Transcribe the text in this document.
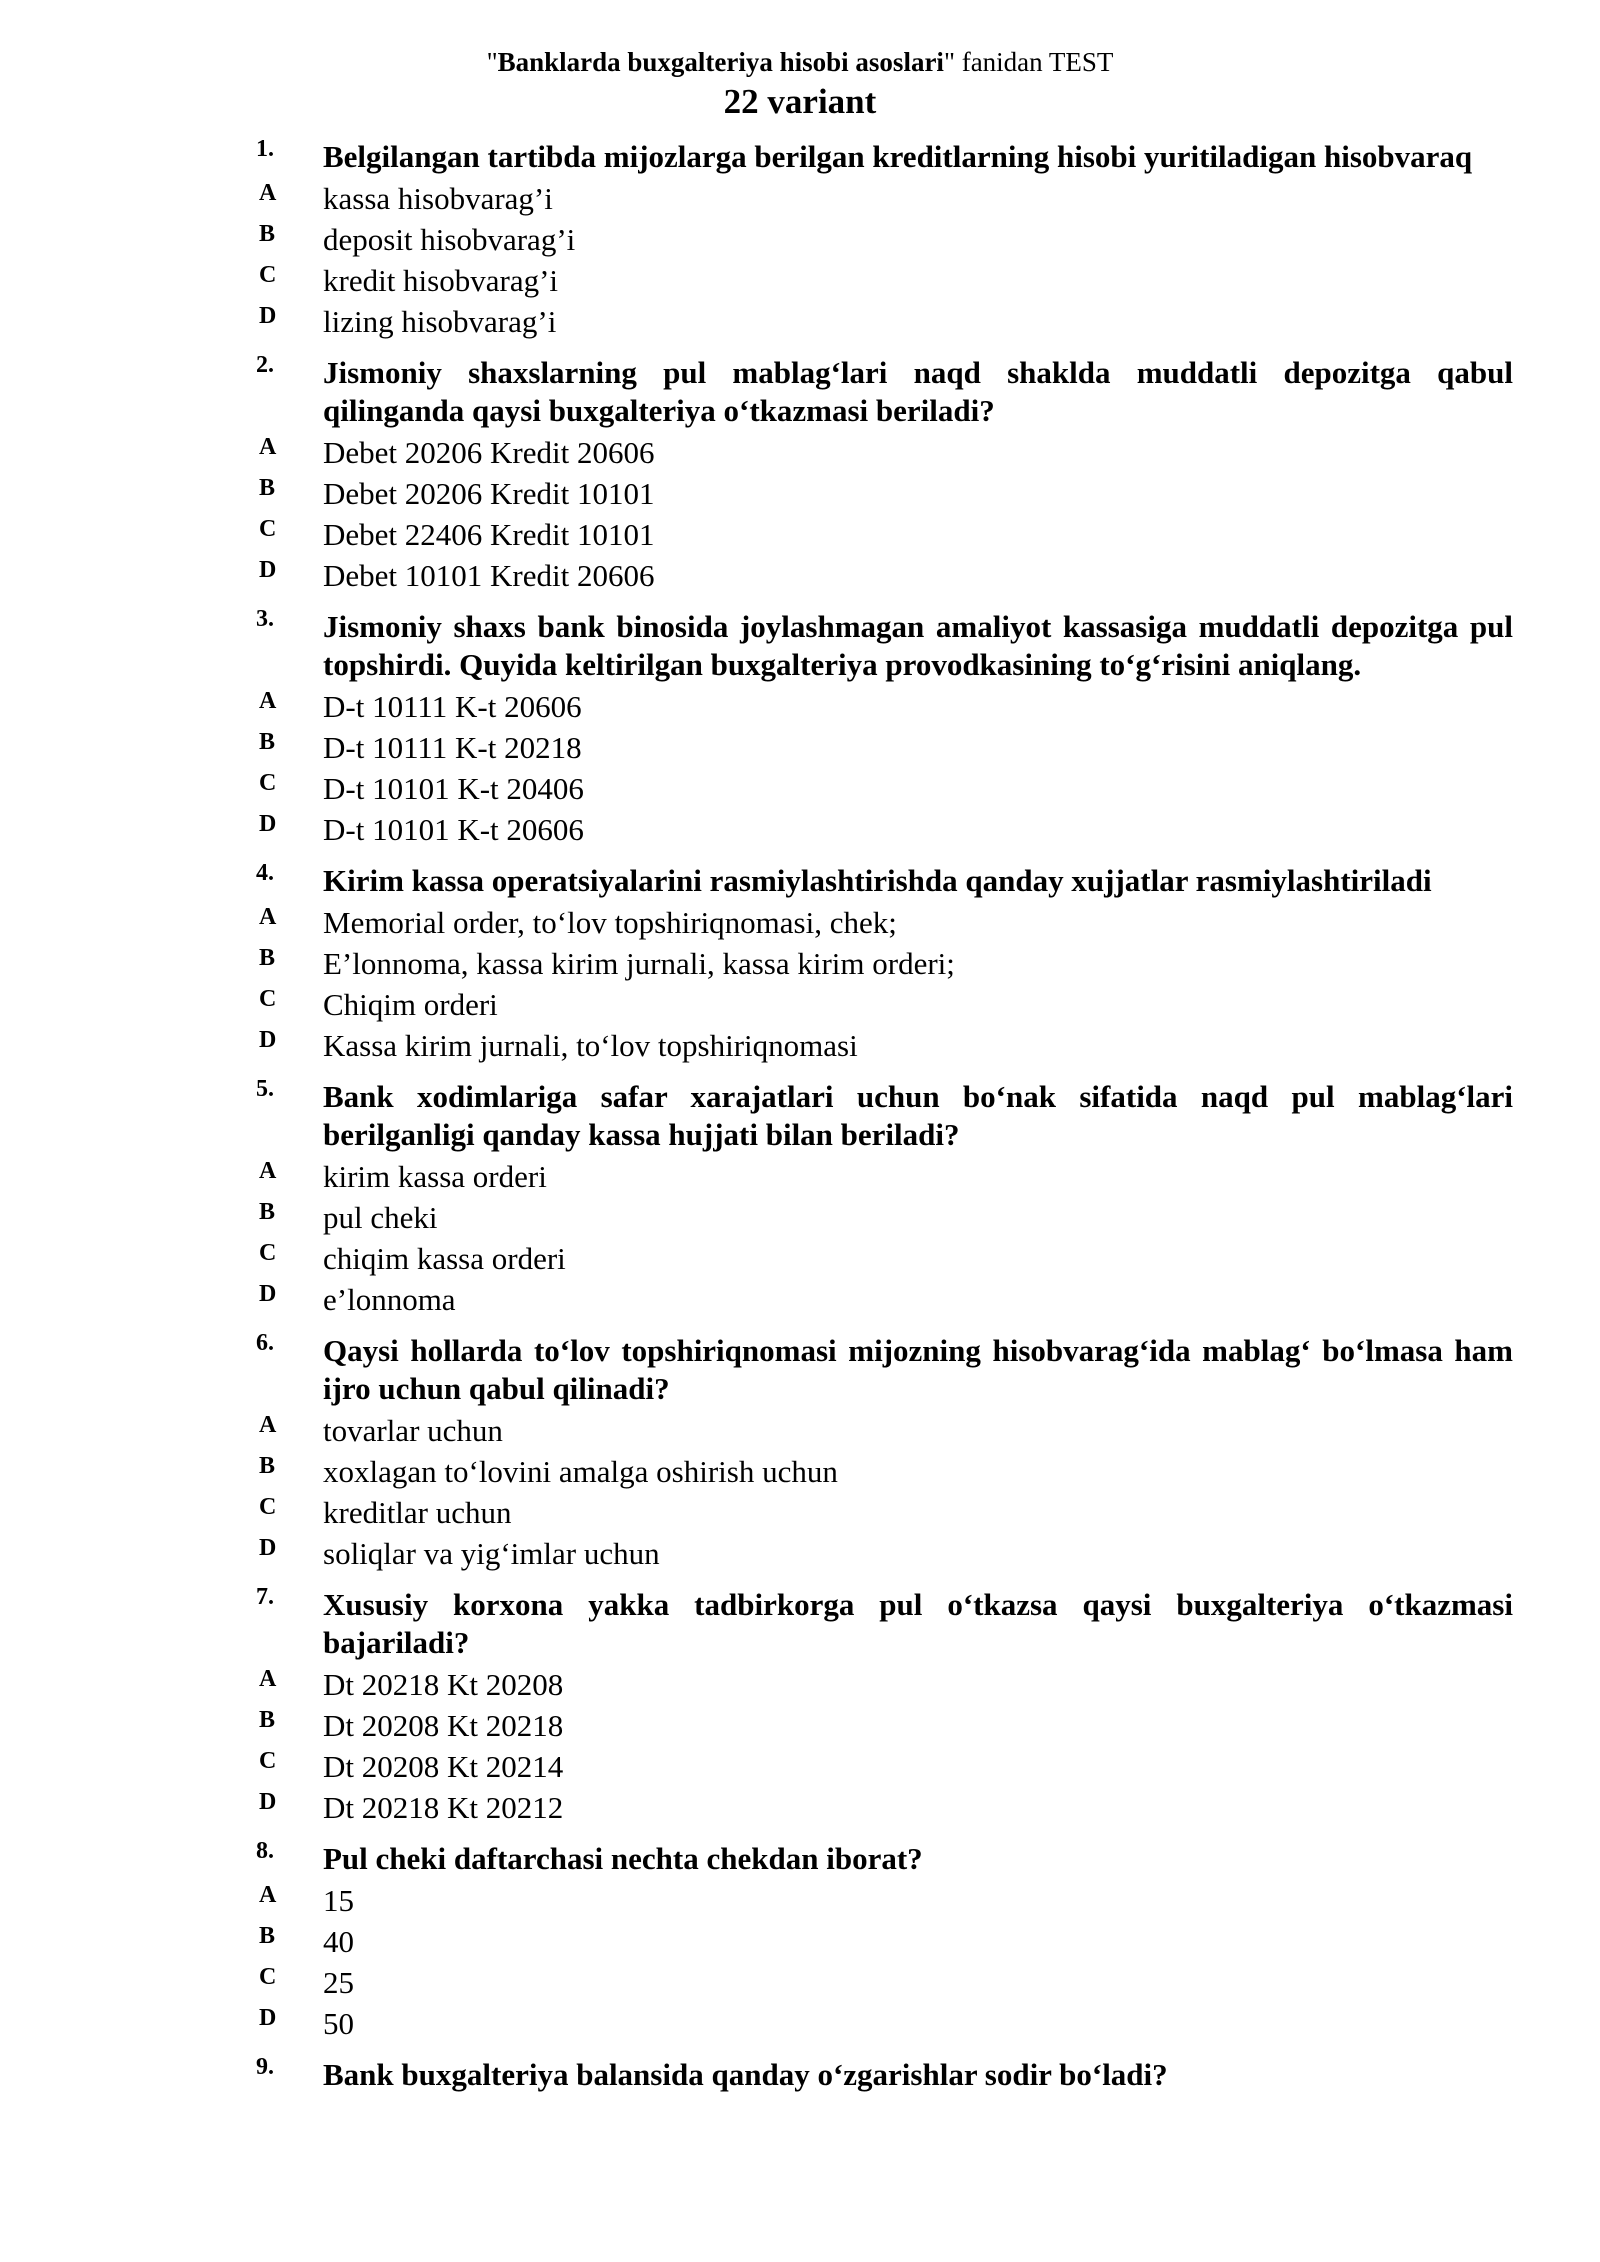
"Banklarda buxgalteriya hisobi asoslari" fanidan TEST
22 variant
1. Belgilangan tartibda mijozlarga berilgan kreditlarning hisobi yuritiladigan hisobvaraq
A kassa hisobvarag’i
B deposit hisobvarag’i
C kredit hisobvarag’i
D lizing hisobvarag’i
2. Jismoniy shaxslarning pul mablag‘lari naqd shaklda muddatli depozitga qabul qilinganda qaysi buxgalteriya o‘tkazmasi beriladi?
A Debet 20206 Kredit 20606
B Debet 20206 Kredit 10101
C Debet 22406 Kredit 10101
D Debet 10101 Kredit 20606
3. Jismoniy shaxs bank binosida joylashmagan amaliyot kassasiga muddatli depozitga pul topshirdi. Quyida keltirilgan buxgalteriya provodkasining to‘g‘risini aniqlang.
A D-t 10111 K-t 20606
B D-t 10111 K-t 20218
C D-t 10101 K-t 20406
D D-t 10101 K-t 20606
4. Kirim kassa operatsiyalarini rasmiylashtirishda qanday xujjatlar rasmiylashtiriladi
A Memorial order, to‘lov topshiriqnomasi, chek;
B E’lonnoma, kassa kirim jurnali, kassa kirim orderi;
C Chiqim orderi
D Kassa kirim jurnali, to‘lov topshiriqnomasi
5. Bank xodimlariga safar xarajatlari uchun bo‘nak sifatida naqd pul mablag‘lari berilganligi qanday kassa hujjati bilan beriladi?
A kirim kassa orderi
B pul cheki
C chiqim kassa orderi
D e’lonnoma
6. Qaysi hollarda to‘lov topshiriqnomasi mijozning hisobvarag‘ida mablag‘ bo‘lmasa ham ijro uchun qabul qilinadi?
A tovarlar uchun
B xoxlagan to‘lovini amalga oshirish uchun
C kreditlar uchun
D soliqlar va yig‘imlar uchun
7. Xususiy korxona yakka tadbirkorga pul o‘tkazsa qaysi buxgalteriya o‘tkazmasi bajariladi?
A Dt 20218 Kt 20208
B Dt 20208 Kt 20218
C Dt 20208 Kt 20214
D Dt 20218 Kt 20212
8. Pul cheki daftarchasi nechta chekdan iborat?
A 15
B 40
C 25
D 50
9. Bank buxgalteriya balansida qanday o‘zgarishlar sodir bo‘ladi?
